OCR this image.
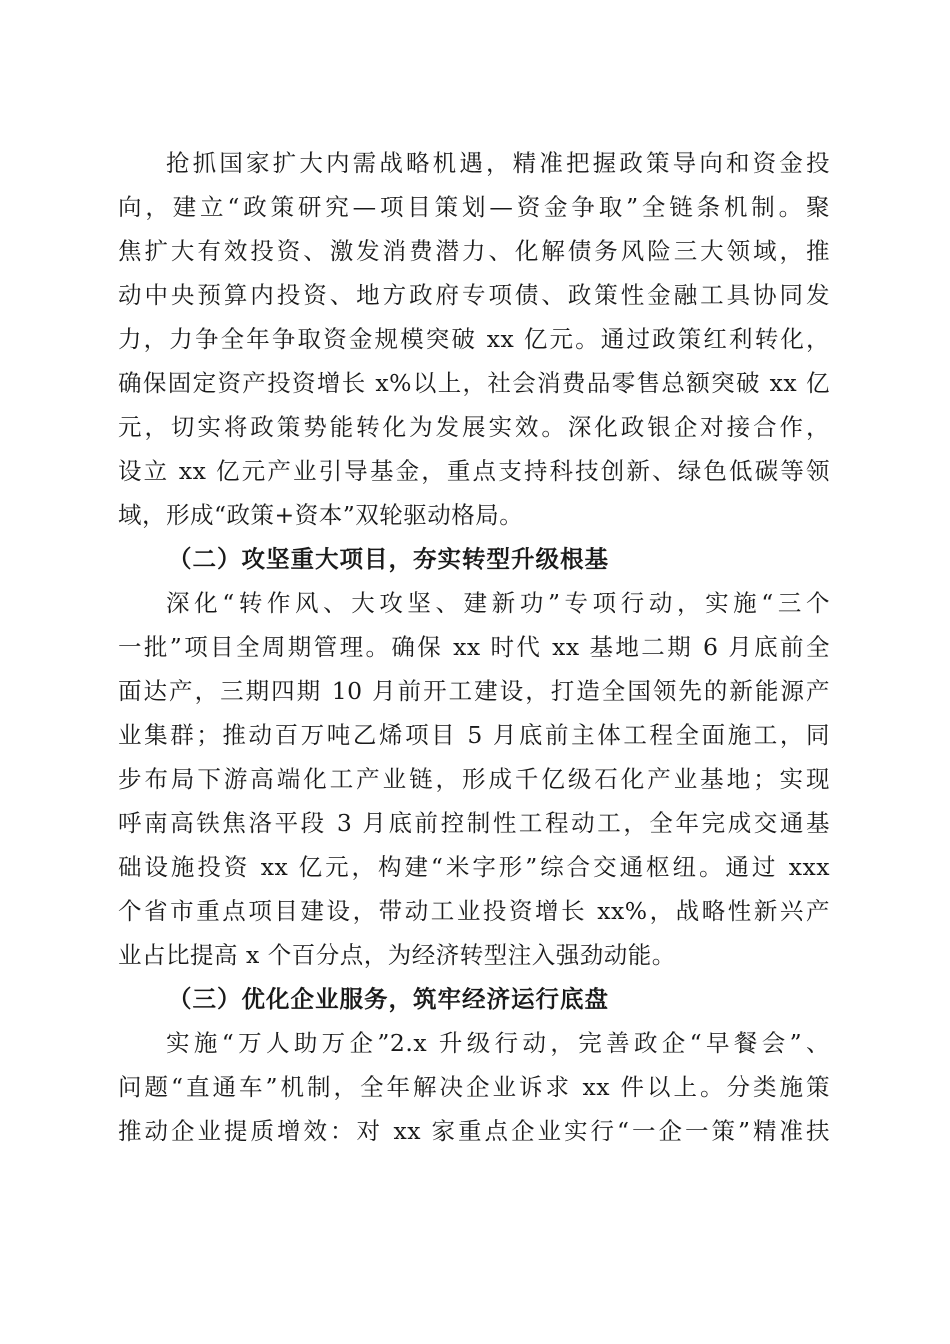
抢抓国家扩大内需战略机遇，精准把握政策导向和资金投
向，建立“政策研究—项目策划—资金争取”全链条机制。聚
焦扩大有效投资、激发消费潜力、化解债务风险三大领域，推
动中央预算内投资、地方政府专项债、政策性金融工具协同发
力，力争全年争取资金规模突破 xx 亿元。通过政策红利转化，
确保固定资产投资增长 x%以上，社会消费品零售总额突破 xx 亿
元，切实将政策势能转化为发展实效。深化政银企对接合作，
设立 xx 亿元产业引导基金，重点支持科技创新、绿色低碳等领
域，形成“政策+资本”双轮驱动格局。
（二）攻坚重大项目，夯实转型升级根基
深化“转作风、大攻坚、建新功”专项行动，实施“三个
一批”项目全周期管理。确保 xx 时代 xx 基地二期 6 月底前全
面达产，三期四期 10 月前开工建设，打造全国领先的新能源产
业集群；推动百万吨乙烯项目 5 月底前主体工程全面施工，同
步布局下游高端化工产业链，形成千亿级石化产业基地；实现
呼南高铁焦洛平段 3 月底前控制性工程动工，全年完成交通基
础设施投资 xx 亿元，构建“米字形”综合交通枢纽。通过 xxx
个省市重点项目建设，带动工业投资增长 xx%，战略性新兴产
业占比提高 x 个百分点，为经济转型注入强劲动能。
（三）优化企业服务，筑牢经济运行底盘
实施“万人助万企”2.x 升级行动，完善政企“早餐会”、
问题“直通车”机制，全年解决企业诉求 xx 件以上。分类施策
推动企业提质增效：对 xx 家重点企业实行“一企一策”精准扶
